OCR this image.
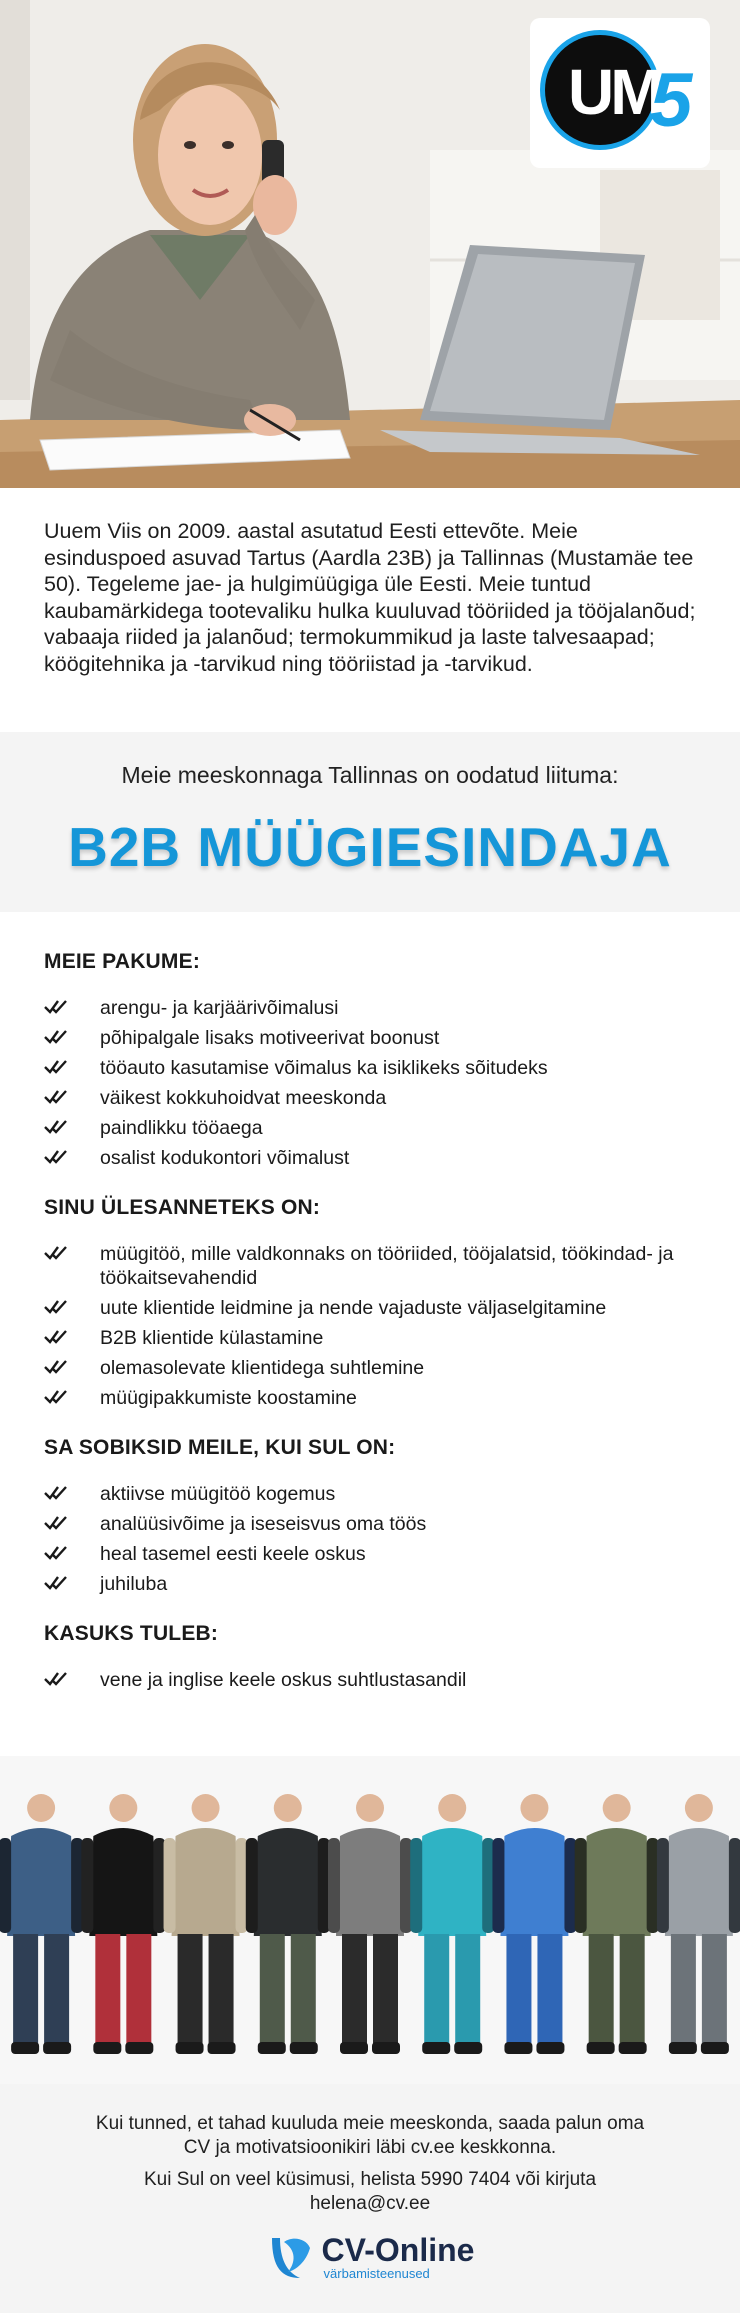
UM
5

Uuem Viis on 2009. aastal asutatud Eesti ettevõte. Meie esinduspoed asuvad Tartus (Aardla 23B) ja Tallinnas (Mustamäe tee 50). Tegeleme jae- ja hulgimüügiga üle Eesti. Meie tuntud kaubamärkidega tootevaliku hulka kuuluvad tööriided ja tööjalanõud; vabaaja riided ja jalanõud; termokummikud ja laste talvesaapad; köögitehnika ja -tarvikud ning tööriistad ja -tarvikud.

Meie meeskonnaga Tallinnas on oodatud liituma:
B2B MÜÜGIESINDAJA
MEIE PAKUME:
arengu- ja karjäärivõimalusi
põhipalgale lisaks motiveerivat boonust
tööauto kasutamise võimalus ka isiklikeks sõitudeks
väikest kokkuhoidvat meeskonda
paindlikku tööaega
osalist kodukontori võimalust
SINU ÜLESANNETEKS ON:
müügitöö, mille valdkonnaks on tööriided, tööjalatsid, töökindad- ja töökaitsevahendid
uute klientide leidmine ja nende vajaduste väljaselgitamine
B2B klientide külastamine
olemasolevate klientidega suhtlemine
müügipakkumiste koostamine
SA SOBIKSID MEILE, KUI SUL ON:
aktiivse müügitöö kogemus
analüüsivõime ja iseseisvus oma töös
heal tasemel eesti keele oskus
juhiluba
KASUKS TULEB:
vene ja inglise keele oskus suhtlustasandil

Kui tunned, et tahad kuuluda meie meeskonda, saada palun oma CV ja motivatsioonikiri läbi cv.ee keskkonna.

Kui Sul on veel küsimusi, helista 5990 7404 või kirjuta helena@cv.ee

CV-Online
värbamisteenused
